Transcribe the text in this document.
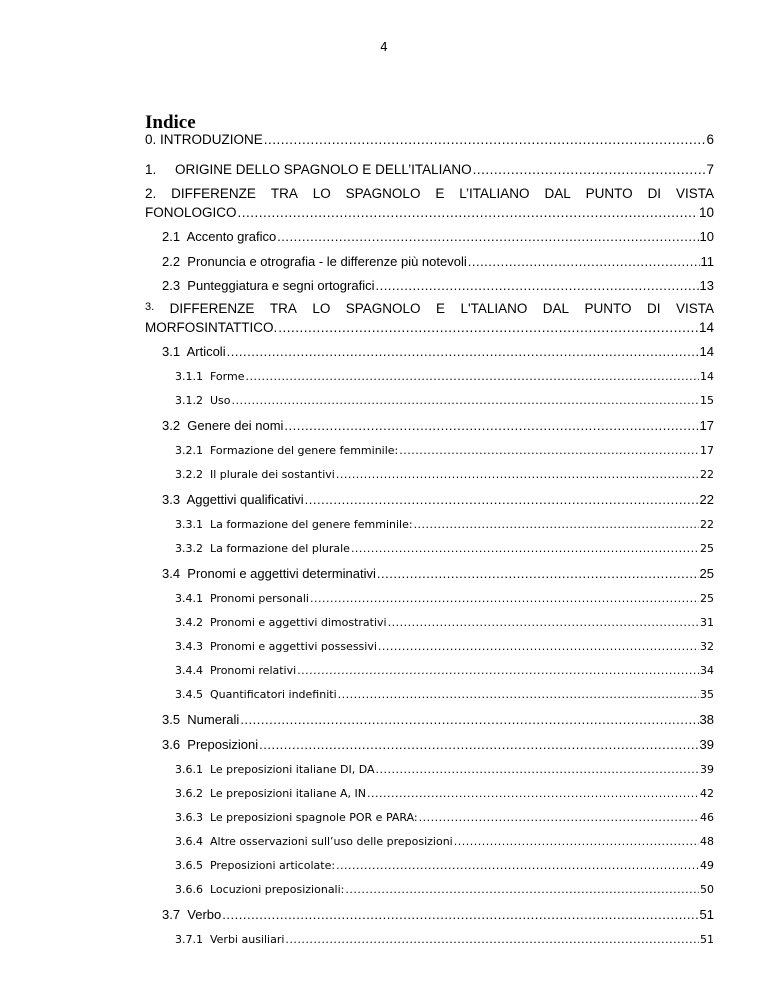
4
Indice
0. INTRODUZIONE .....	6
1.     ORIGINE DELLO SPAGNOLO E DELL’ITALIANO .....	7
2. DIFFERENZE TRA LO SPAGNOLO E L’ITALIANO DAL PUNTO DI VISTA
FONOLOGICO .....	10
2.1  Accento grafico .....	10
2.2  Pronuncia e otrografia - le differenze più notevoli .....	11
2.3  Punteggiatura e segni ortografici .....	13
3. DIFFERENZE TRA LO SPAGNOLO E L'TALIANO DAL PUNTO DI VISTA
MORFOSINTATTICO. .....	14
3.1  Articoli .....	14
3.1.1  Forme .....	14
3.1.2  Uso .....	15
3.2  Genere dei nomi .....	17
3.2.1  Formazione del genere femminile: .....	17
3.2.2  Il plurale dei sostantivi .....	22
3.3  Aggettivi qualificativi .....	22
3.3.1  La formazione del genere femminile: .....	22
3.3.2  La formazione del plurale .....	25
3.4  Pronomi e aggettivi determinativi .....	25
3.4.1  Pronomi personali .....	25
3.4.2  Pronomi e aggettivi dimostrativi .....	31
3.4.3  Pronomi e aggettivi possessivi .....	32
3.4.4  Pronomi relativi .....	34
3.4.5  Quantificatori indefiniti .....	35
3.5  Numerali .....	38
3.6  Preposizioni .....	39
3.6.1  Le preposizioni italiane DI, DA .....	39
3.6.2  Le preposizioni italiane A, IN .....	42
3.6.3  Le preposizioni spagnole POR e PARA: .....	46
3.6.4  Altre osservazioni sull’uso delle preposizioni .....	48
3.6.5  Preposizioni articolate: .....	49
3.6.6  Locuzioni preposizionali: .....	50
3.7  Verbo .....	51
3.7.1  Verbi ausiliari .....	51
